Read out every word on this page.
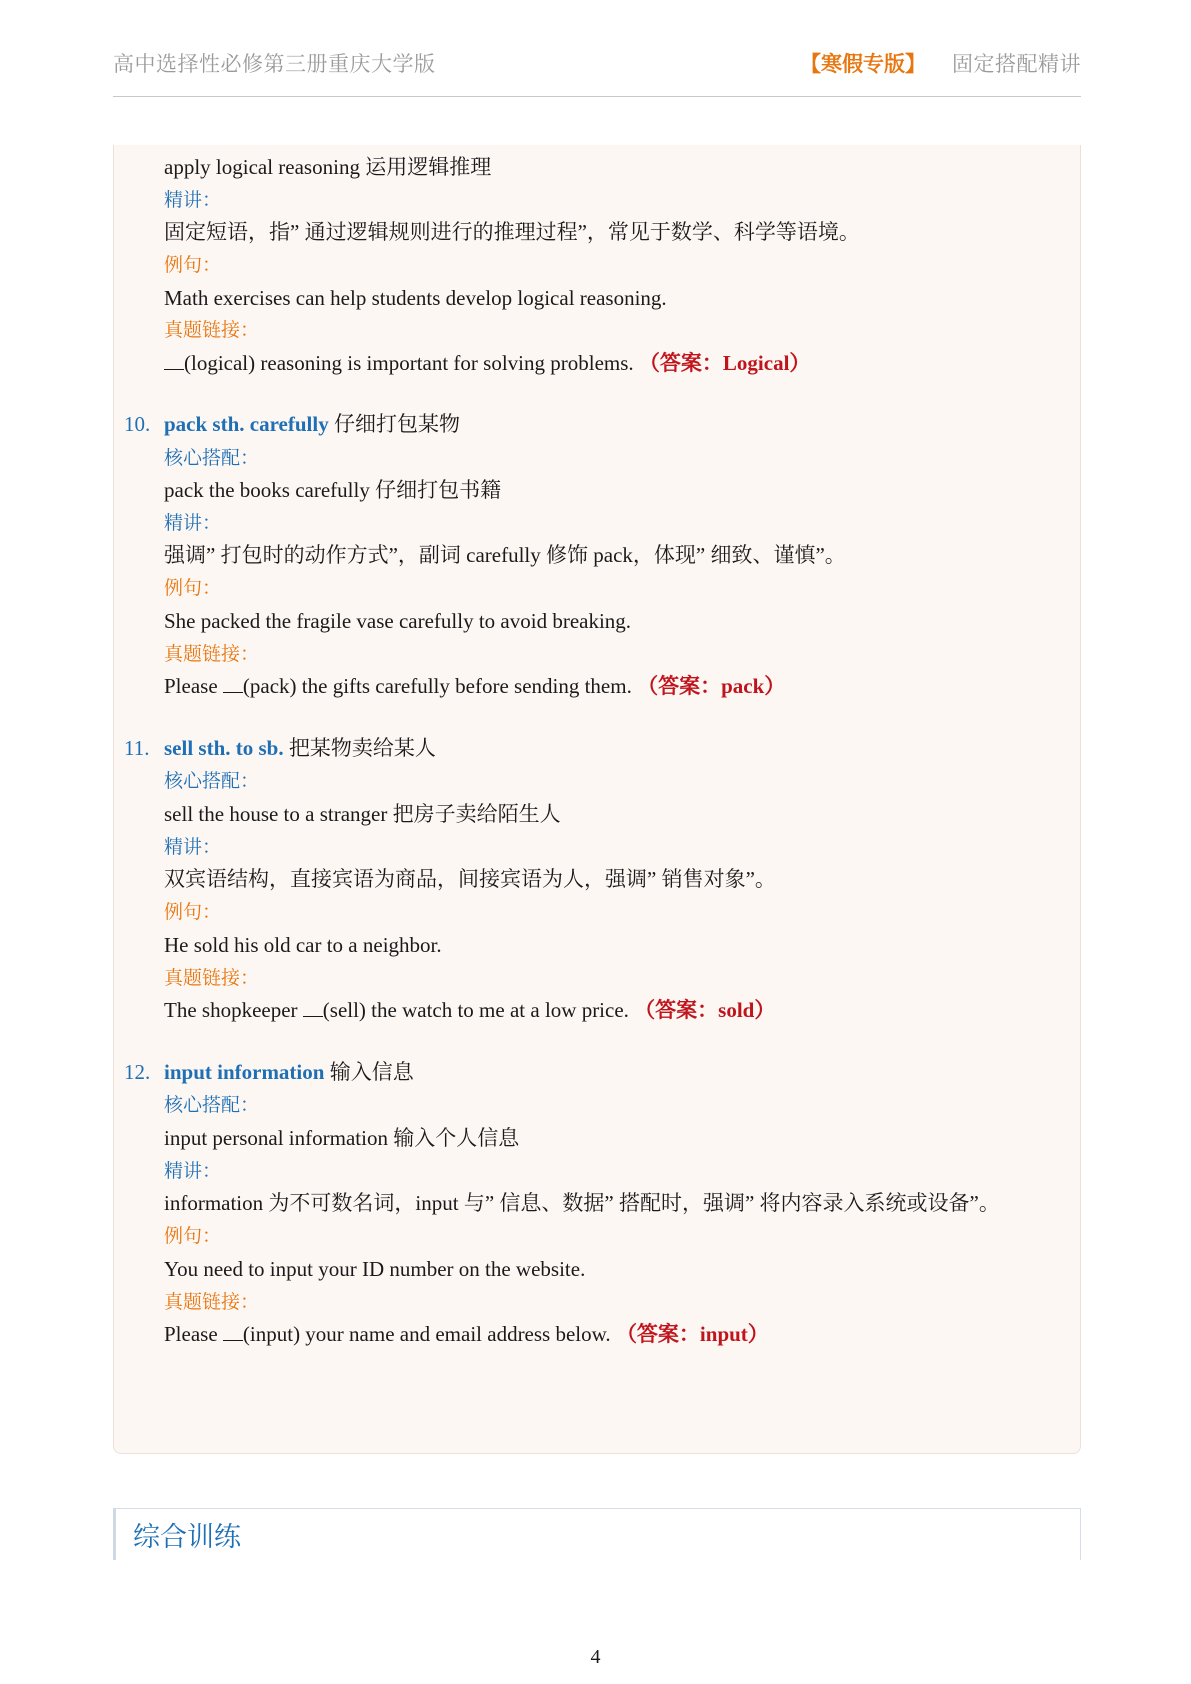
高中选择性必修第三册重庆大学版	【寒假专版】 固定搭配精讲
apply logical reasoning 运用逻辑推理
精讲：
固定短语，指” 通过逻辑规则进行的推理过程”，常见于数学、科学等语境。
例句：
Math exercises can help students develop logical reasoning.
真题链接：
(logical) reasoning is important for solving problems. （答案：Logical）
10. pack sth. carefully 仔细打包某物
核心搭配：
pack the books carefully 仔细打包书籍
精讲：
强调” 打包时的动作方式”，副词 carefully 修饰 pack，体现” 细致、谨慎”。
例句：
She packed the fragile vase carefully to avoid breaking.
真题链接：
Please (pack) the gifts carefully before sending them. （答案：pack）
11. sell sth. to sb. 把某物卖给某人
核心搭配：
sell the house to a stranger 把房子卖给陌生人
精讲：
双宾语结构，直接宾语为商品，间接宾语为人，强调” 销售对象”。
例句：
He sold his old car to a neighbor.
真题链接：
The shopkeeper (sell) the watch to me at a low price. （答案：sold）
12. input information 输入信息
核心搭配：
input personal information 输入个人信息
精讲：
information 为不可数名词，input 与” 信息、数据” 搭配时，强调” 将内容录入系统或设备”。
例句：
You need to input your ID number on the website.
真题链接：
Please (input) your name and email address below. （答案：input）
综合训练
4
